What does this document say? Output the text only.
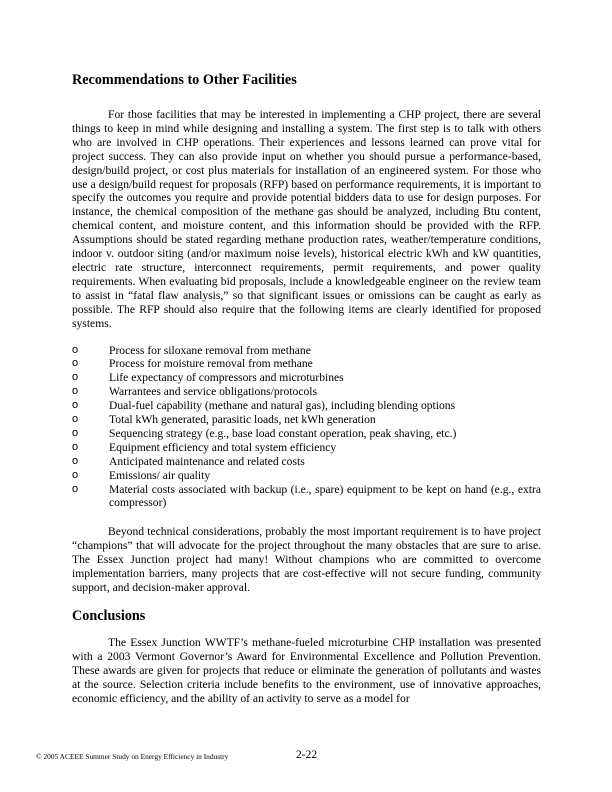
Recommendations to Other Facilities

For those facilities that may be interested in implementing a CHP project, there are several things to keep in mind while designing and installing a system. The first step is to talk with others who are involved in CHP operations. Their experiences and lessons learned can prove vital for project success. They can also provide input on whether you should pursue a performance-based, design/build project, or cost plus materials for installation of an engineered system. For those who use a design/build request for proposals (RFP) based on performance requirements, it is important to specify the outcomes you require and provide potential bidders data to use for design purposes. For instance, the chemical composition of the methane gas should be analyzed, including Btu content, chemical content, and moisture content, and this information should be provided with the RFP. Assumptions should be stated regarding methane production rates, weather/temperature conditions, indoor v. outdoor siting (and/or maximum noise levels), historical electric kWh and kW quantities, electric rate structure, interconnect requirements, permit requirements, and power quality requirements. When evaluating bid proposals, include a knowledgeable engineer on the review team to assist in “fatal flaw analysis,” so that significant issues or omissions can be caught as early as possible. The RFP should also require that the following items are clearly identified for proposed systems.

o	Process for siloxane removal from methane
o	Process for moisture removal from methane
o	Life expectancy of compressors and microturbines
o	Warrantees and service obligations/protocols
o	Dual-fuel capability (methane and natural gas), including blending options
o	Total kWh generated, parasitic loads, net kWh generation
o	Sequencing strategy (e.g., base load constant operation, peak shaving, etc.)
o	Equipment efficiency and total system efficiency
o	Anticipated maintenance and related costs
o	Emissions/ air quality
o	Material costs associated with backup (i.e., spare) equipment to be kept on hand (e.g., extra compressor)

Beyond technical considerations, probably the most important requirement is to have project “champions” that will advocate for the project throughout the many obstacles that are sure to arise. The Essex Junction project had many! Without champions who are committed to overcome implementation barriers, many projects that are cost-effective will not secure funding, community support, and decision-maker approval.

Conclusions

The Essex Junction WWTF’s methane-fueled microturbine CHP installation was presented with a 2003 Vermont Governor’s Award for Environmental Excellence and Pollution Prevention. These awards are given for projects that reduce or eliminate the generation of pollutants and wastes at the source. Selection criteria include benefits to the environment, use of innovative approaches, economic efficiency, and the ability of an activity to serve as a model for

© 2005 ACEEE Summer Study on Energy Efficiency in Industry	2-22
